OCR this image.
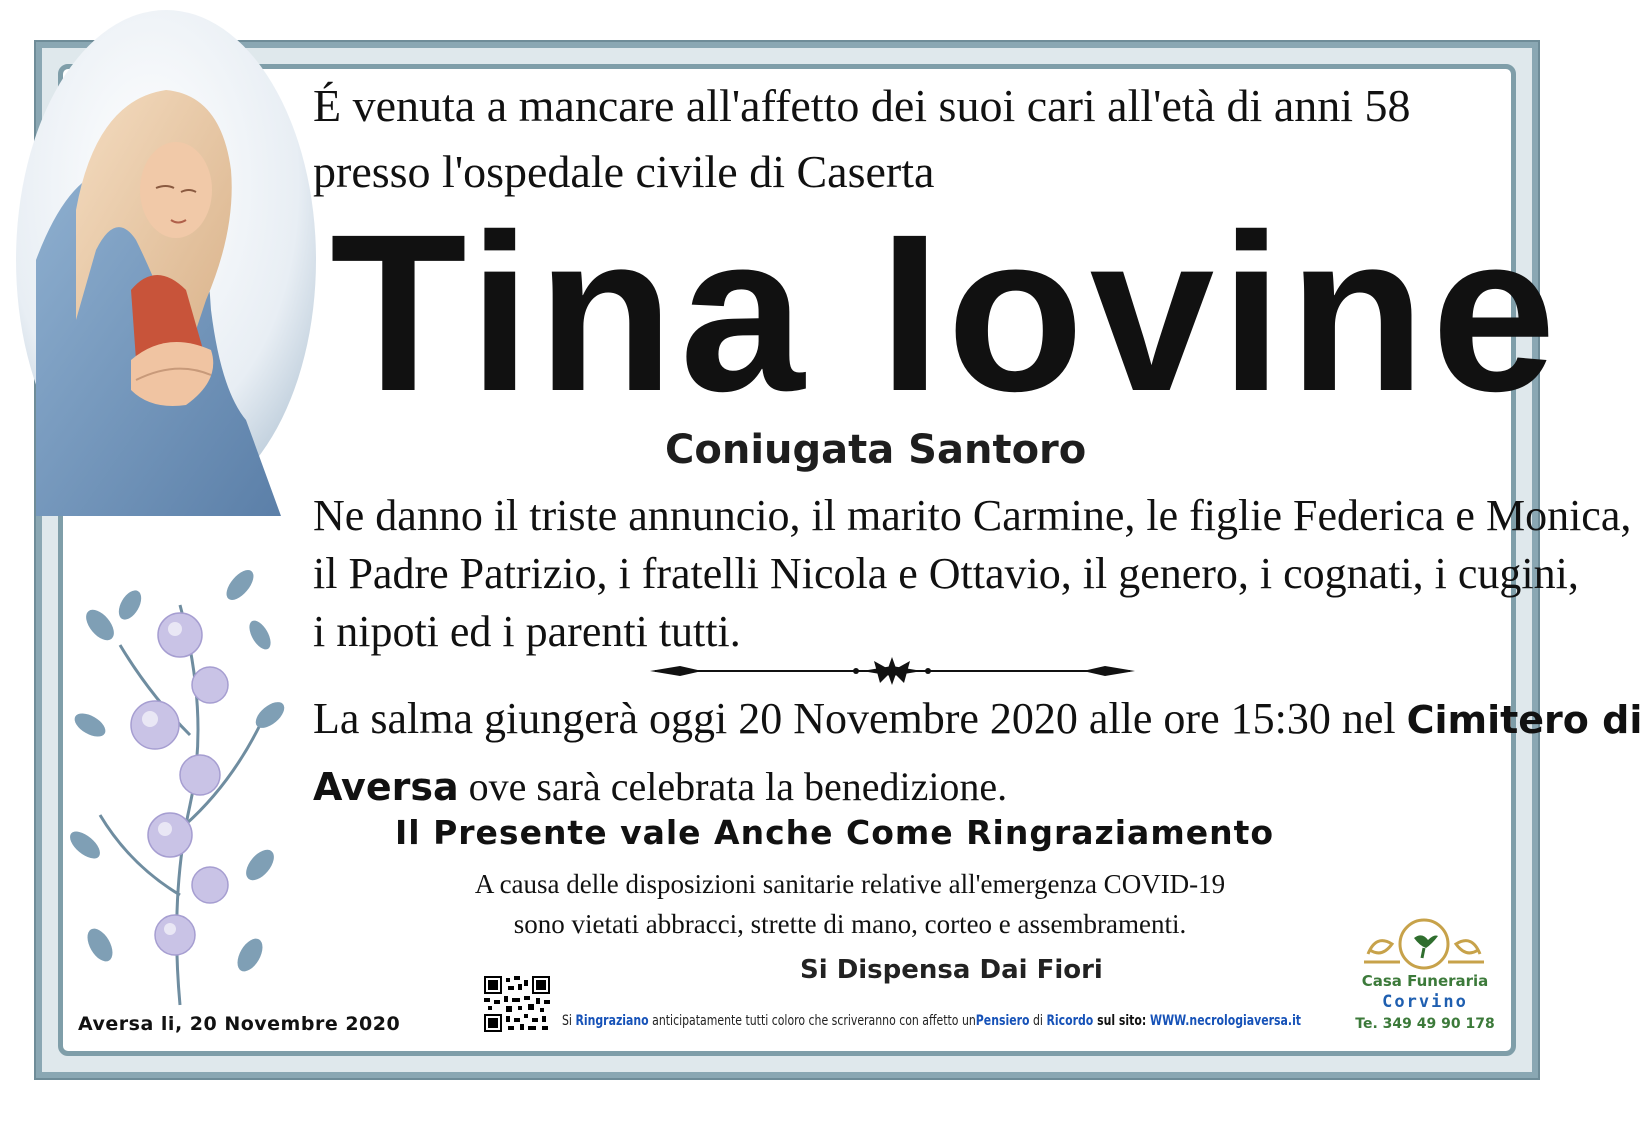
É venuta a mancare all'affetto dei suoi cari all'età di anni 58
presso l'ospedale civile di Caserta
Tina Iovine
Coniugata Santoro
Ne danno il triste annuncio, il marito Carmine, le figlie Federica e Monica,
il Padre Patrizio, i fratelli Nicola e Ottavio, il genero, i cognati, i cugini,
i nipoti ed i parenti tutti.
La salma giungerà oggi 20 Novembre 2020 alle ore 15:30 nel Cimitero di
Aversa ove sarà celebrata la benedizione.
Il Presente vale Anche Come Ringraziamento
A causa delle disposizioni sanitarie relative all'emergenza COVID-19
sono vietati abbracci, strette di mano, corteo e assembramenti.
Si Dispensa Dai Fiori
Aversa li, 20 Novembre 2020	Si Ringraziano anticipatamente tutti coloro che scriveranno con affetto unPensiero di Ricordo sul sito: WWW.necrologiaversa.it
Casa Funeraria
Corvino
Te. 349 49 90 178
